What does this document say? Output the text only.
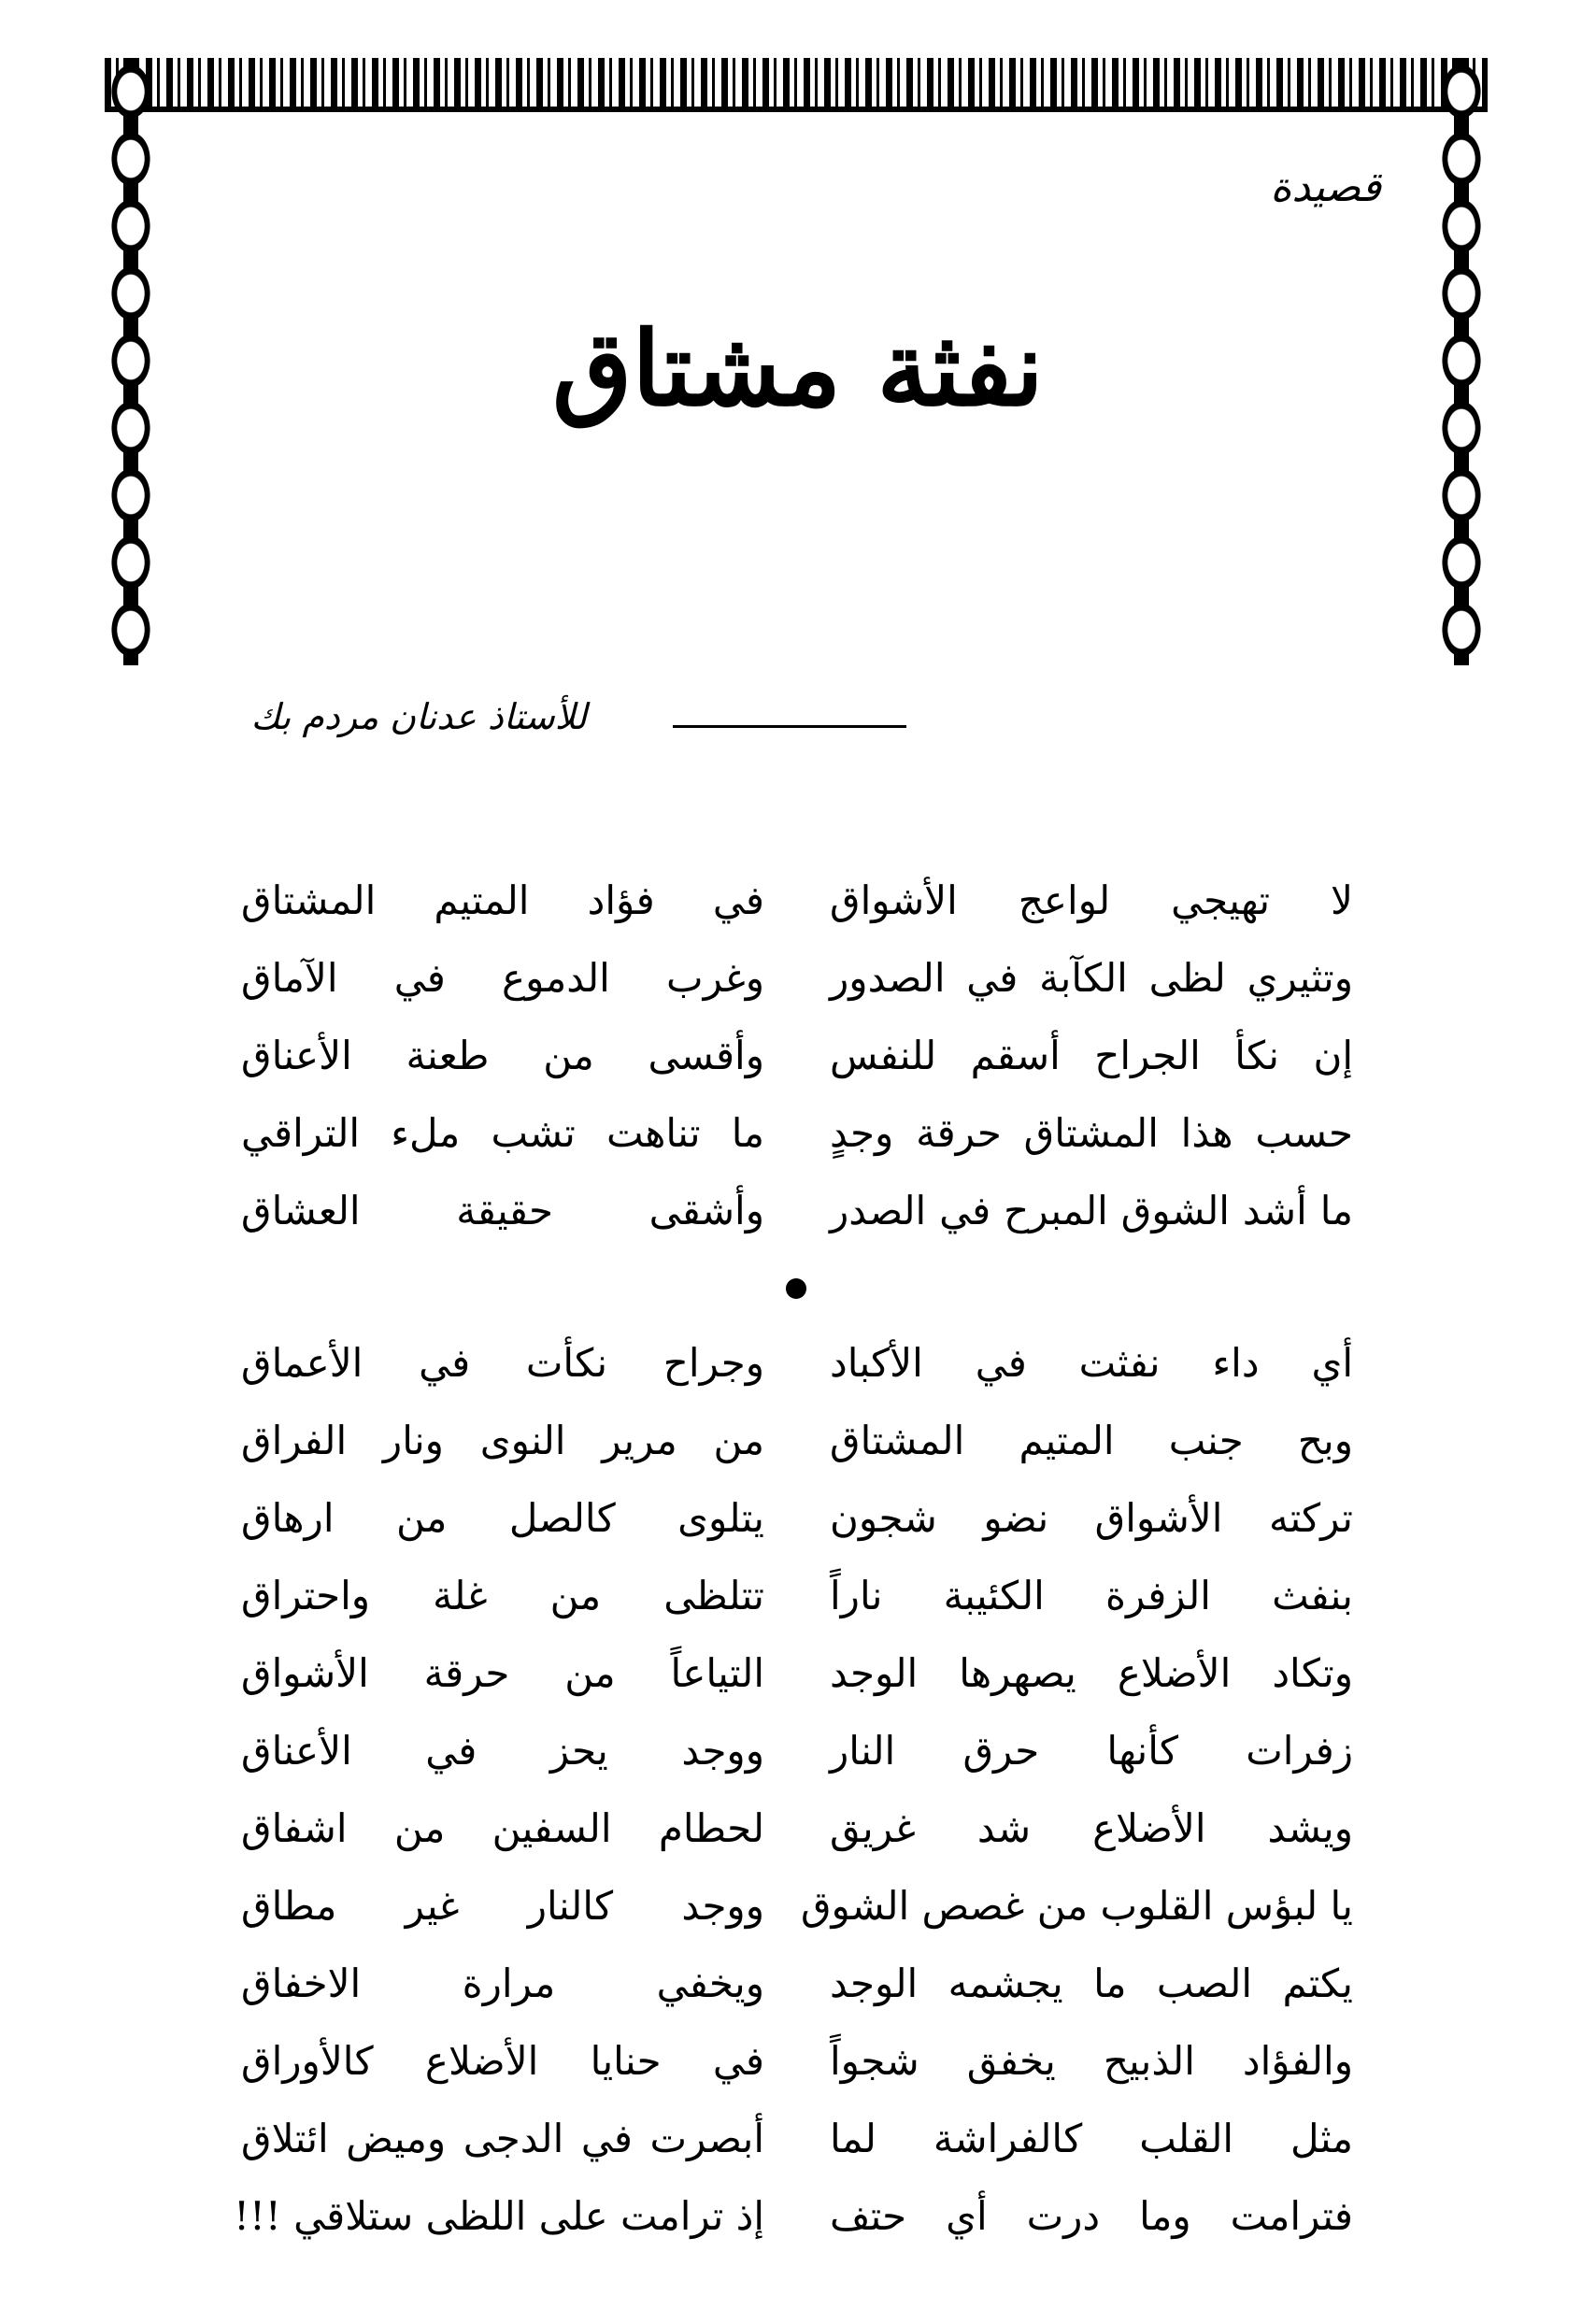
قصيدة
نفثة مشتاق
للأستاذ عدنان مردم بك
لا تهيجي لواعج الأشواق
في فؤاد المتيم المشتاق
وتثيري لظى الكآبة في الصدور
وغرب الدموع في الآماق
إن نكأ الجراح أسقم للنفس
وأقسى من طعنة الأعناق
حسب هذا المشتاق حرقة وجدٍ
ما تناهت تشب ملء التراقي
ما أشد الشوق المبرح في الصدر
وأشقى حقيقة العشاق
أي داء نفثت في الأكباد
وجراح نكأت في الأعماق
وبح جنب المتيم المشتاق
من مرير النوى ونار الفراق
تركته الأشواق نضو شجون
يتلوى كالصل من ارهاق
بنفث الزفرة الكئيبة ناراً
تتلظى من غلة واحتراق
وتكاد الأضلاع يصهرها الوجد
التياعاً من حرقة الأشواق
زفرات كأنها حرق النار
ووجد يحز في الأعناق
ويشد الأضلاع شد غريق
لحطام السفين من اشفاق
يا لبؤس القلوب من غصص الشوق
ووجد كالنار غير مطاق
يكتم الصب ما يجشمه الوجد
ويخفي مرارة الاخفاق
والفؤاد الذبيح يخفق شجواً
في حنايا الأضلاع كالأوراق
مثل القلب كالفراشة لما
أبصرت في الدجى وميض ائتلاق
فترامت وما درت أي حتف
إذ ترامت على اللظى ستلاقي !!!
